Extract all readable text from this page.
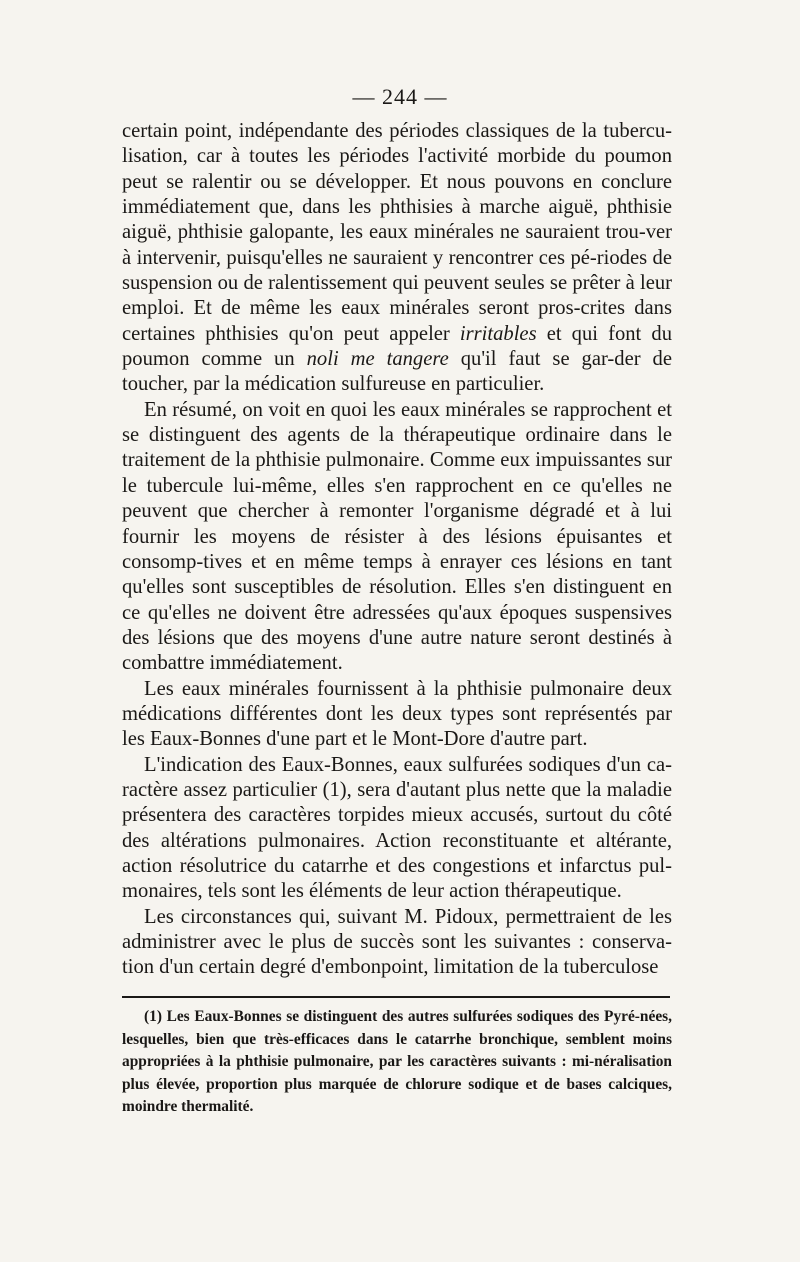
— 244 —

certain point, indépendante des périodes classiques de la tubercu-lisation, car à toutes les périodes l'activité morbide du poumon peut se ralentir ou se développer. Et nous pouvons en conclure immédiatement que, dans les phthisies à marche aiguë, phthisie aiguë, phthisie galopante, les eaux minérales ne sauraient trou-ver à intervenir, puisqu'elles ne sauraient y rencontrer ces pé-riodes de suspension ou de ralentissement qui peuvent seules se prêter à leur emploi. Et de même les eaux minérales seront pros-crites dans certaines phthisies qu'on peut appeler irritables et qui font du poumon comme un noli me tangere qu'il faut se gar-der de toucher, par la médication sulfureuse en particulier.

En résumé, on voit en quoi les eaux minérales se rapprochent et se distinguent des agents de la thérapeutique ordinaire dans le traitement de la phthisie pulmonaire. Comme eux impuissantes sur le tubercule lui-même, elles s'en rapprochent en ce qu'elles ne peuvent que chercher à remonter l'organisme dégradé et à lui fournir les moyens de résister à des lésions épuisantes et consomp-tives et en même temps à enrayer ces lésions en tant qu'elles sont susceptibles de résolution. Elles s'en distinguent en ce qu'elles ne doivent être adressées qu'aux époques suspensives des lésions que des moyens d'une autre nature seront destinés à combattre immédiatement.

Les eaux minérales fournissent à la phthisie pulmonaire deux médications différentes dont les deux types sont représentés par les Eaux-Bonnes d'une part et le Mont-Dore d'autre part.

L'indication des Eaux-Bonnes, eaux sulfurées sodiques d'un ca-ractère assez particulier (1), sera d'autant plus nette que la maladie présentera des caractères torpides mieux accusés, surtout du côté des altérations pulmonaires. Action reconstituante et altérante, action résolutrice du catarrhe et des congestions et infarctus pul-monaires, tels sont les éléments de leur action thérapeutique.

Les circonstances qui, suivant M. Pidoux, permettraient de les administrer avec le plus de succès sont les suivantes : conserva-tion d'un certain degré d'embonpoint, limitation de la tuberculose

(1) Les Eaux-Bonnes se distinguent des autres sulfurées sodiques des Pyré-nées, lesquelles, bien que très-efficaces dans le catarrhe bronchique, semblent moins appropriées à la phthisie pulmonaire, par les caractères suivants : mi-néralisation plus élevée, proportion plus marquée de chlorure sodique et de bases calciques, moindre thermalité.
